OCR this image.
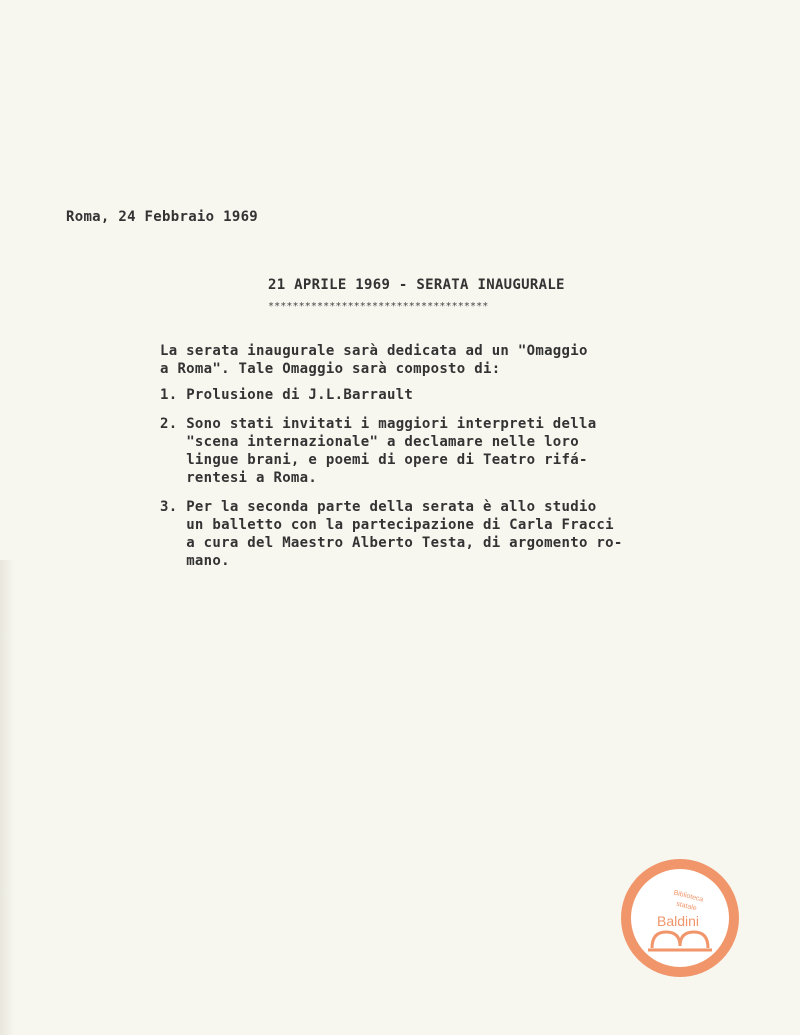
Roma, 24 Febbraio 1969
21 APRILE 1969 - SERATA INAUGURALE
************************************
La serata inaugurale sarà dedicata ad un "Omaggio
a Roma". Tale Omaggio sarà composto di:
1. Prolusione di J.L.Barrault
2. Sono stati invitati i maggiori interpreti della
"scena internazionale" a declamare nelle loro
lingue brani, e poemi di opere di Teatro rifá-
rentesi a Roma.
3. Per la seconda parte della serata è allo studio
un balletto con la partecipazione di Carla Fracci
a cura del Maestro Alberto Testa, di argomento ro-
mano.
Biblioteca
statale
Baldini
